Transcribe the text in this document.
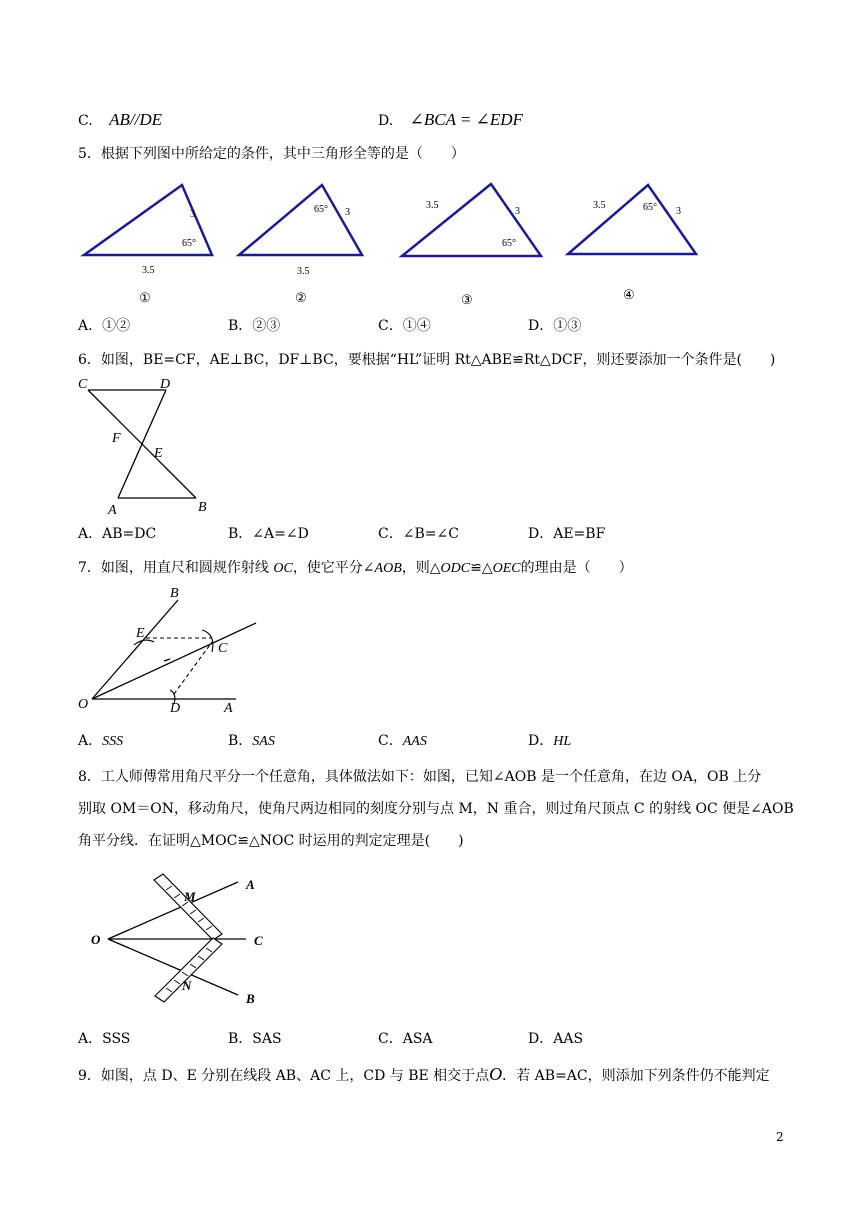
C. AB//DE	D. ∠BCA = ∠EDF
5．根据下列图中所给定的条件，其中三角形全等的是（　　）
3
65°
3.5
①
65° 3
3.5
②
3.5
3
65°
③
3.5	65° 3
④
A．①②	B．②③	C．①④	D．①③
6．如图，BE=CF，AE⊥BC，DF⊥BC，要根据“HL”证明 Rt△ABE≌Rt△DCF，则还要添加一个条件是(　　)
C	D
F
E
A	B
A．AB=DC	B．∠A=∠D	C．∠B=∠C	D．AE=BF
7．如图，用直尺和圆规作射线 OC，使它平分∠AOB，则△ODC≌△OEC的理由是（　　）
B
E
C
O	D	A
A．SSS	B．SAS	C．AAS	D．HL
8．工人师傅常用角尺平分一个任意角，具体做法如下：如图，已知∠AOB 是一个任意角，在边 OA，OB 上分
别取 OM＝ON，移动角尺，使角尺两边相同的刻度分别与点 M，N 重合，则过角尺顶点 C 的射线 OC 便是∠AOB
角平分线．在证明△MOC≌△NOC 时运用的判定定理是(　　)
M
A
O	C
N
B
A．SSS	B．SAS	C．ASA	D．AAS
9．如图，点 D、E 分别在线段 AB、AC 上，CD 与 BE 相交于点O．若 AB=AC，则添加下列条件仍不能判定
2
